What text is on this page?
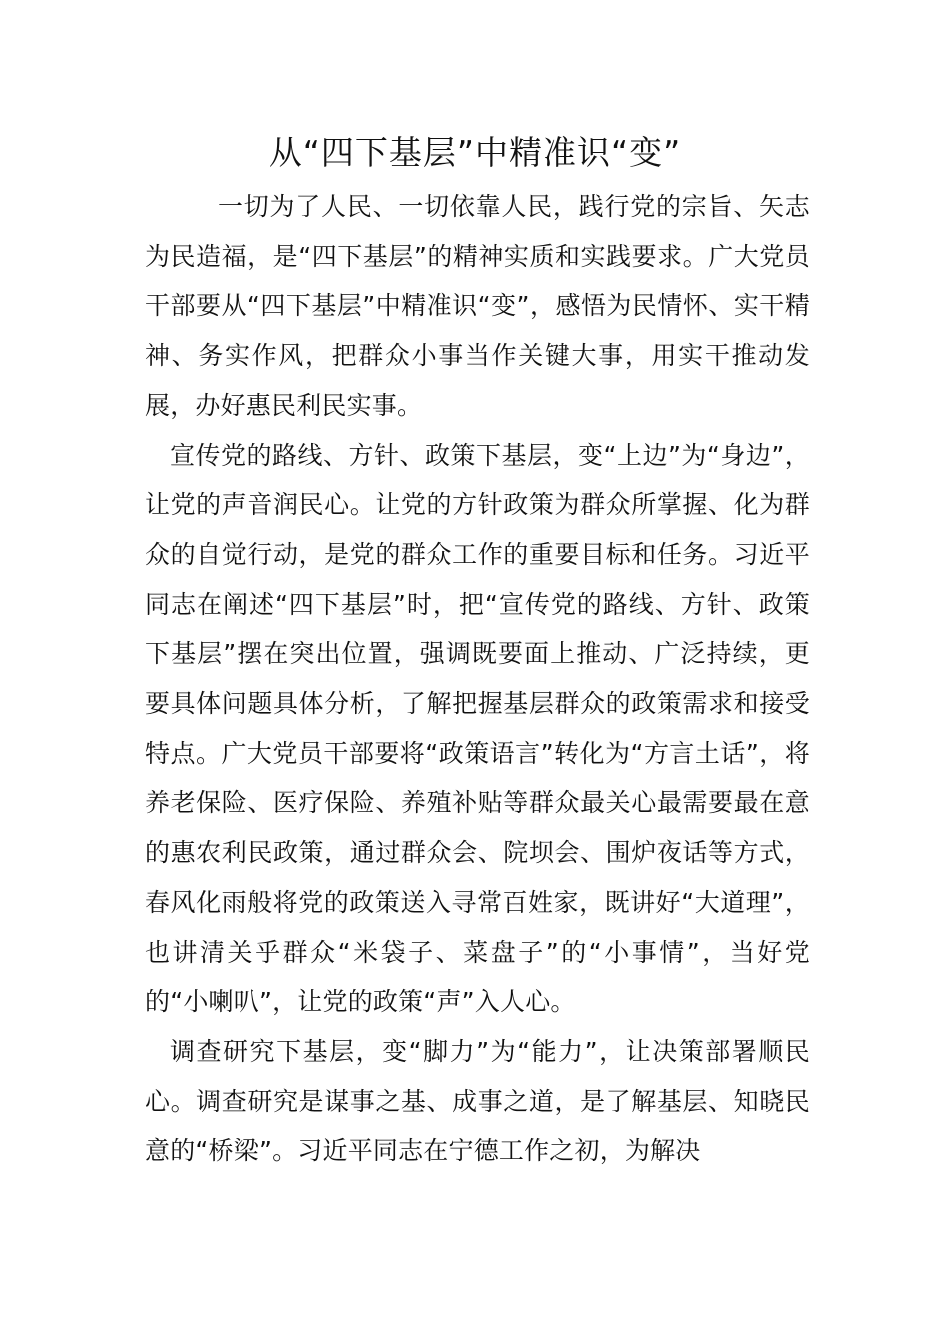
从“四下基层”中精准识“变”

一切为了人民、一切依靠人民，践行党的宗旨、矢志为民造福，是“四下基层”的精神实质和实践要求。广大党员干部要从“四下基层”中精准识“变”，感悟为民情怀、实干精神、务实作风，把群众小事当作关键大事，用实干推动发展，办好惠民利民实事。

宣传党的路线、方针、政策下基层，变“上边”为“身边”，让党的声音润民心。让党的方针政策为群众所掌握、化为群众的自觉行动，是党的群众工作的重要目标和任务。习近平同志在阐述“四下基层”时，把“宣传党的路线、方针、政策下基层”摆在突出位置，强调既要面上推动、广泛持续，更要具体问题具体分析，了解把握基层群众的政策需求和接受特点。广大党员干部要将“政策语言”转化为“方言土话”，将养老保险、医疗保险、养殖补贴等群众最关心最需要最在意的惠农利民政策，通过群众会、院坝会、围炉夜话等方式，春风化雨般将党的政策送入寻常百姓家，既讲好“大道理”，也讲清关乎群众“米袋子、菜盘子”的“小事情”，当好党的“小喇叭”，让党的政策“声”入人心。

调查研究下基层，变“脚力”为“能力”，让决策部署顺民心。调查研究是谋事之基、成事之道，是了解基层、知晓民意的“桥梁”。习近平同志在宁德工作之初，为解决
